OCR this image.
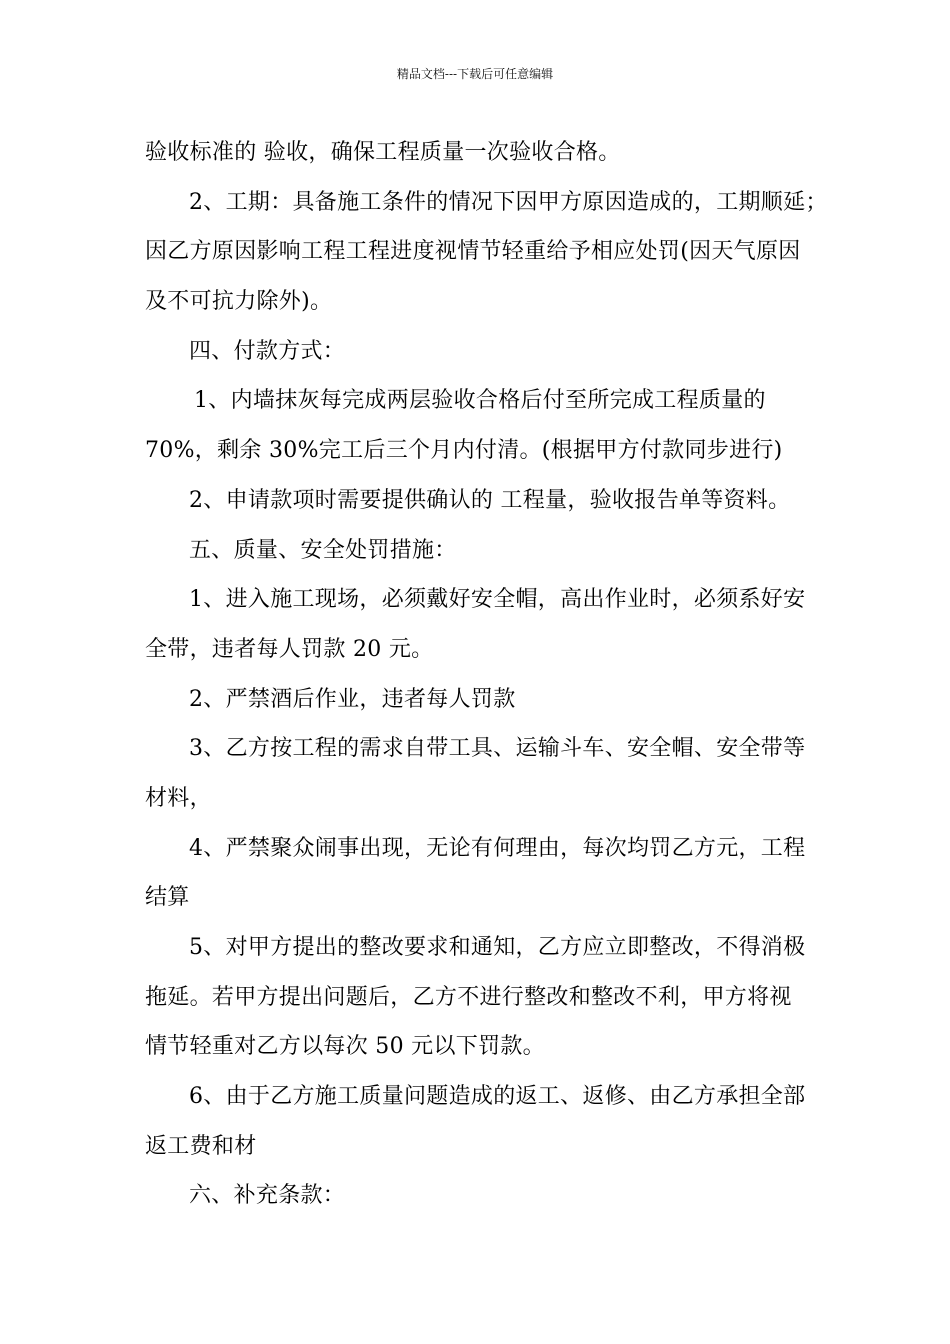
精品文档---下载后可任意编辑
验收标准的 验收，确保工程质量一次验收合格。
2、工期：具备施工条件的情况下因甲方原因造成的，工期顺延；
因乙方原因影响工程工程进度视情节轻重给予相应处罚(因天气原因
及不可抗力除外)。
四、付款方式：
1、内墙抹灰每完成两层验收合格后付至所完成工程质量的
70%，剩余 30%完工后三个月内付清。(根据甲方付款同步进行)
2、申请款项时需要提供确认的 工程量，验收报告单等资料。
五、质量、安全处罚措施：
1、进入施工现场，必须戴好安全帽，高出作业时，必须系好安
全带，违者每人罚款 20 元。
2、严禁酒后作业，违者每人罚款
3、乙方按工程的需求自带工具、运输斗车、安全帽、安全带等
材料，
4、严禁聚众闹事出现，无论有何理由，每次均罚乙方元，工程
结算
5、对甲方提出的整改要求和通知，乙方应立即整改，不得消极
拖延。若甲方提出问题后，乙方不进行整改和整改不利，甲方将视
情节轻重对乙方以每次 50 元以下罚款。
6、由于乙方施工质量问题造成的返工、返修、由乙方承担全部
返工费和材
六、补充条款：
